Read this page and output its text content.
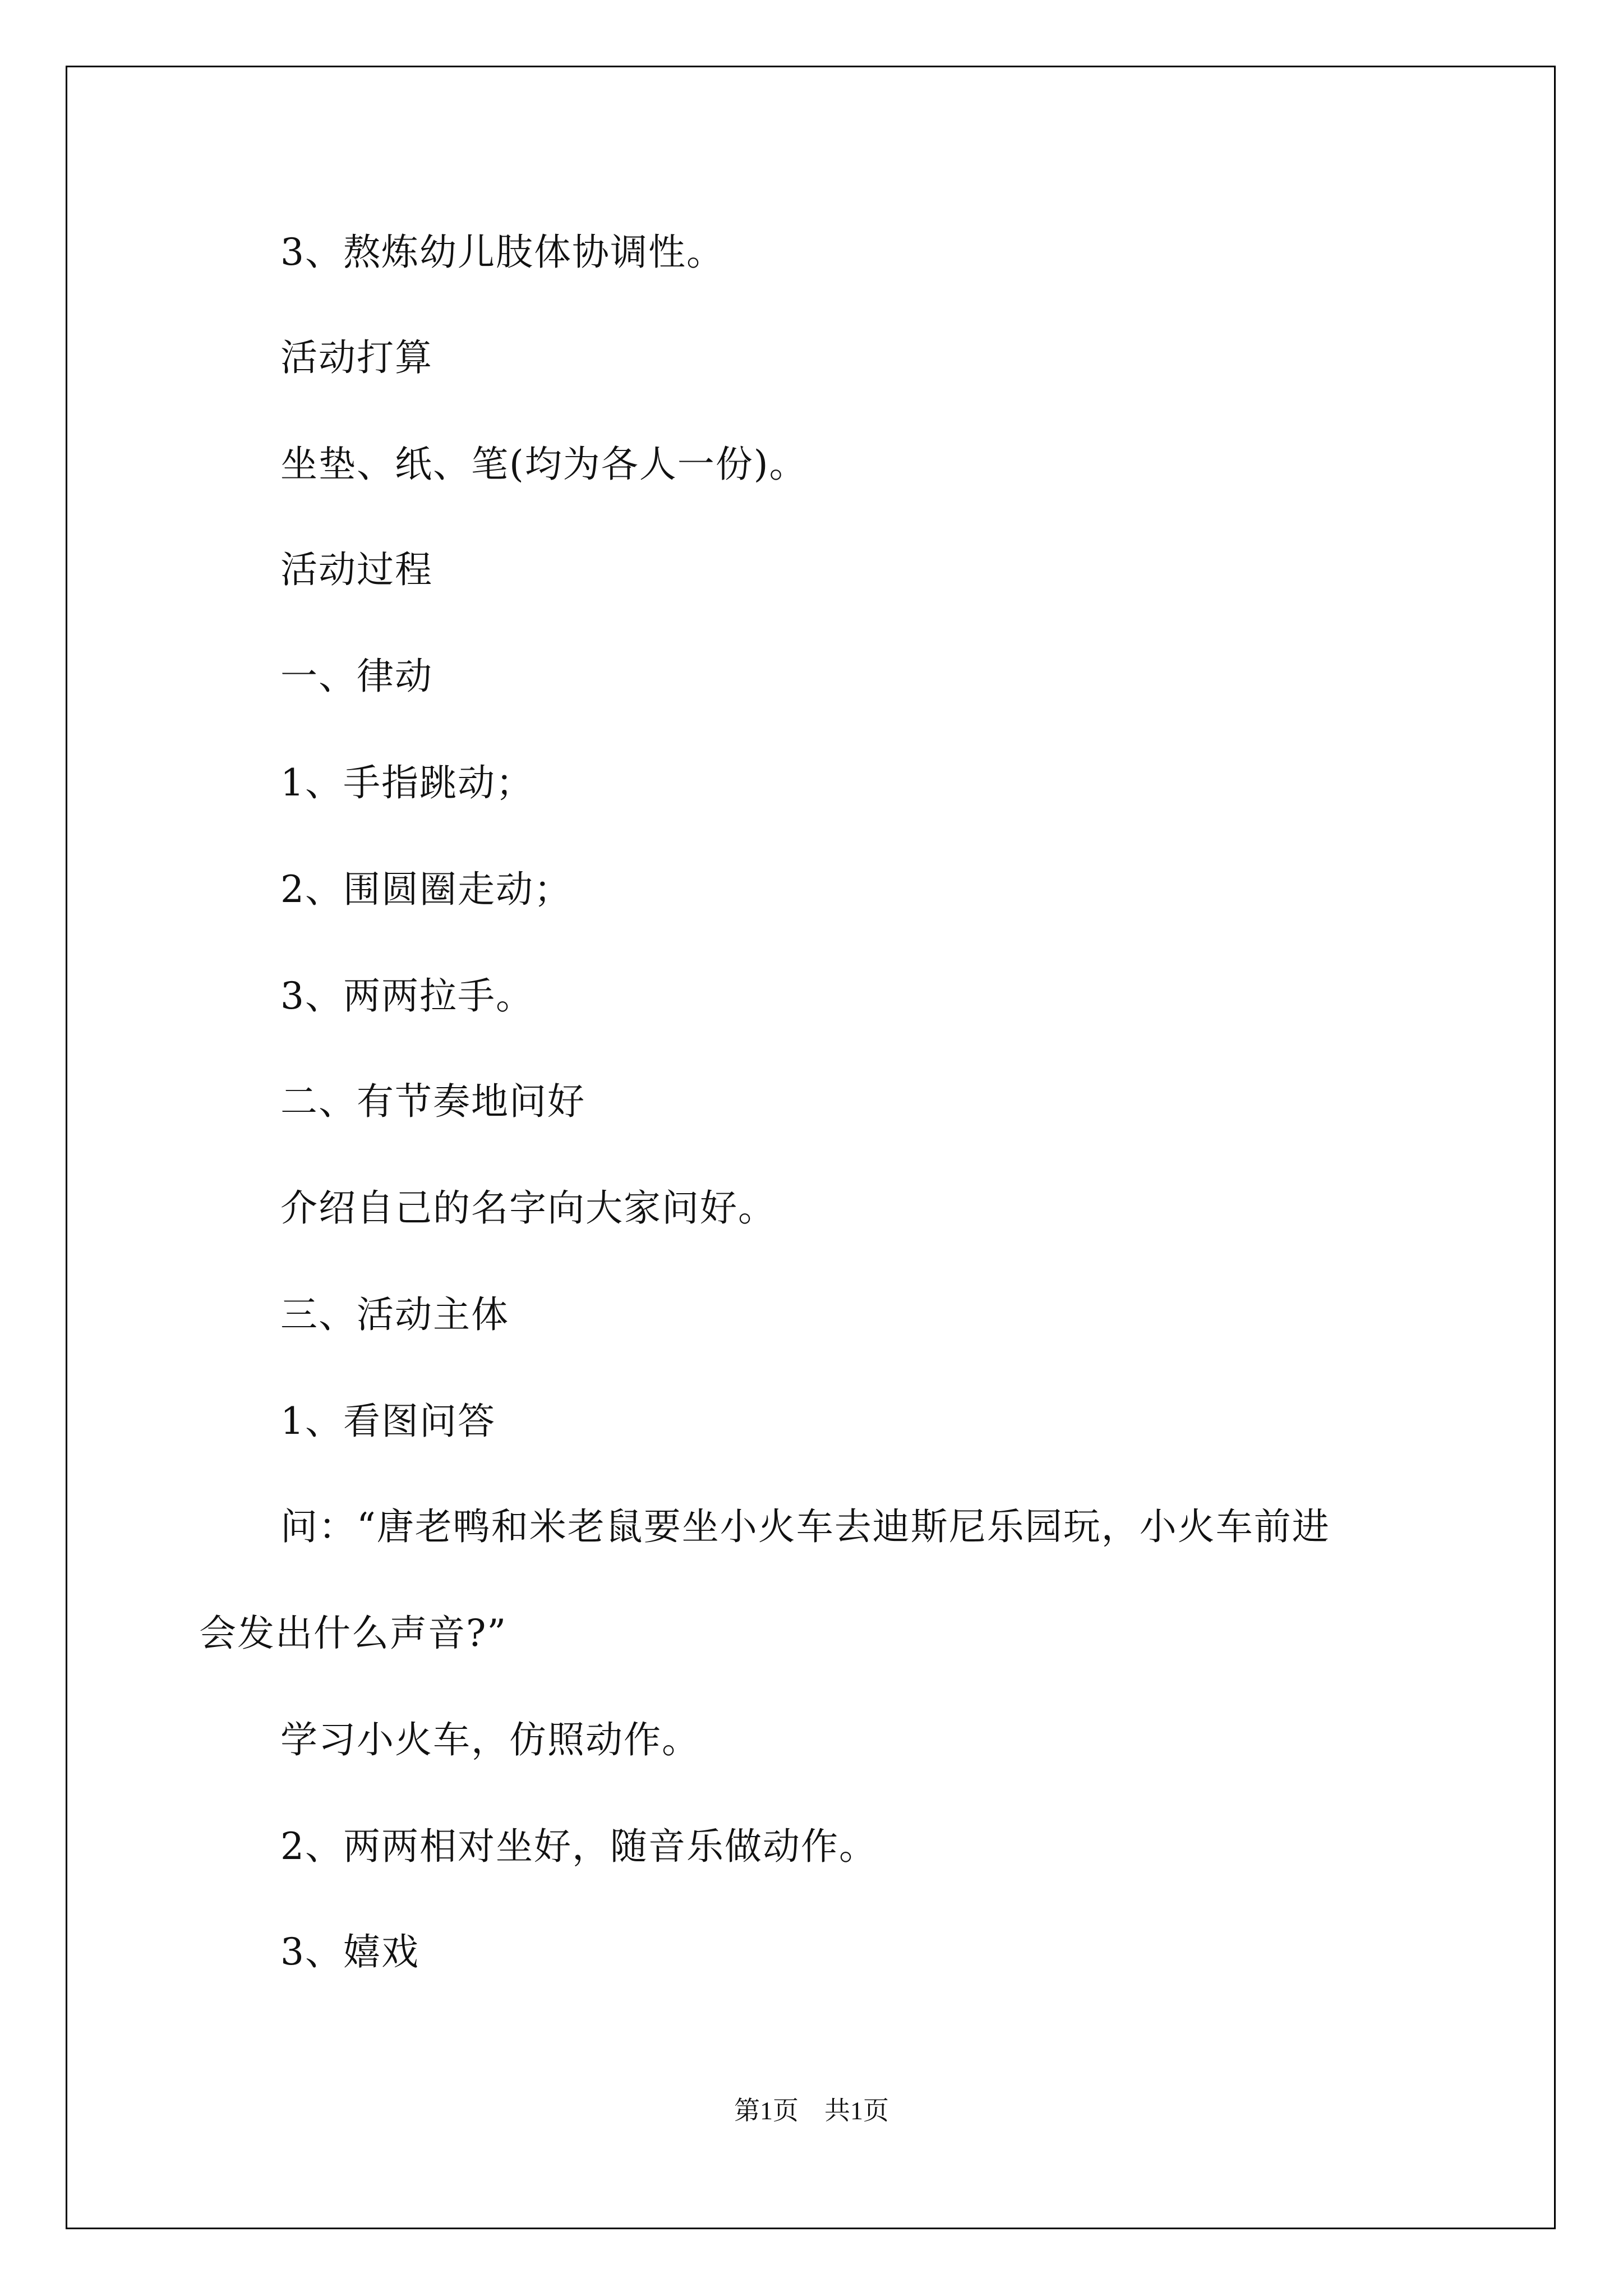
3、熬炼幼儿肢体协调性。
活动打算
坐垫、纸、笔(均为各人一份)。
活动过程
一、律动
1、手指跳动；
2、围圆圈走动；
3、两两拉手。
二、有节奏地问好
介绍自己的名字向大家问好。
三、活动主体
1、看图问答
问：“唐老鸭和米老鼠要坐小火车去迪斯尼乐园玩，小火车前进
会发出什么声音?”
学习小火车，仿照动作。
2、两两相对坐好，随音乐做动作。
3、嬉戏
第1页　共1页
